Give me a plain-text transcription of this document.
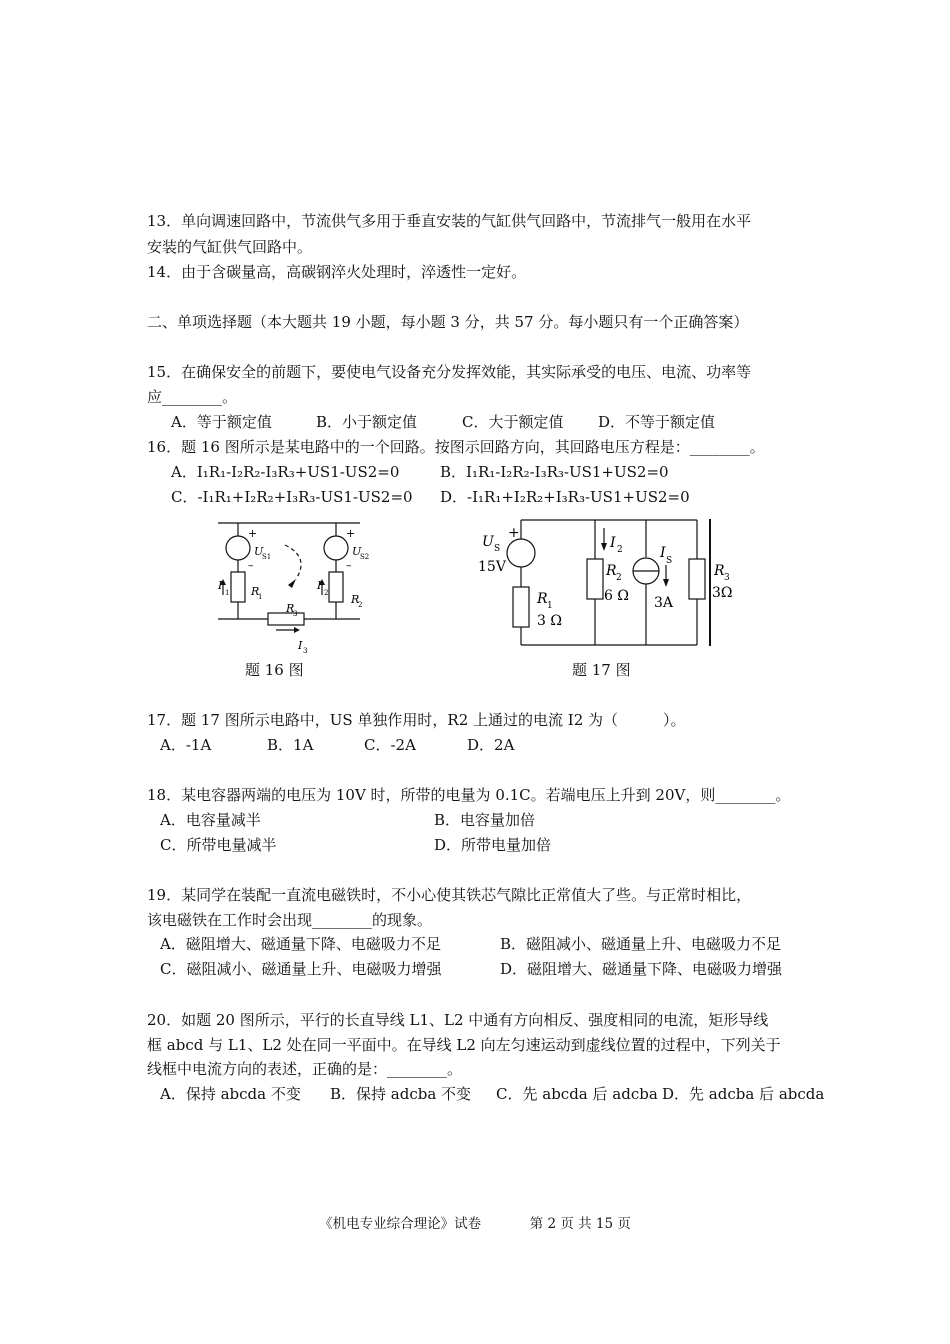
13．单向调速回路中，节流供气多用于垂直安装的气缸供气回路中，节流排气一般用在水平
安装的气缸供气回路中。
14．由于含碳量高，高碳钢淬火处理时，淬透性一定好。
二、单项选择题（本大题共 19 小题，每小题 3 分，共 57 分。每小题只有一个正确答案）
15．在确保安全的前题下，要使电气设备充分发挥效能，其实际承受的电压、电流、功率等
应________。
A．等于额定值	B．小于额定值	C．大于额定值 D．不等于额定值
16．题 16 图所示是某电路中的一个回路。按图示回路方向，其回路电压方程是：________。
A．I₁R₁-I₂R₂-I₃R₃+US1-US2=0	B．I₁R₁-I₂R₂-I₃R₃-US1+US2=0
C．-I₁R₁+I₂R₂+I₃R₃-US1-US2=0 D．-I₁R₁+I₂R₂+I₃R₃-US1+US2=0
+	+
–	–
U
S1	U
S2
R
1	R
2
R
3
I
1
I
2
I 3
题 16 图
+
U S
15V
R 1
3 Ω
I 2
R 2
6 Ω
I S
3A
R 3
3Ω
题 17 图
17．题 17 图所示电路中，US 单独作用时，R2 上通过的电流 I2 为（　　　）。
A．-1A	B．1A	C．-2A	D．2A
18．某电容器两端的电压为 10V 时，所带的电量为 0.1C。若端电压上升到 20V，则________。
A．电容量减半	B．电容量加倍
C．所带电量减半	D．所带电量加倍
19．某同学在装配一直流电磁铁时，不小心使其铁芯气隙比正常值大了些。与正常时相比，
该电磁铁在工作时会出现________的现象。
A．磁阻增大、磁通量下降、电磁吸力不足	B．磁阻减小、磁通量上升、电磁吸力不足
C．磁阻减小、磁通量上升、电磁吸力增强	D．磁阻增大、磁通量下降、电磁吸力增强
20．如题 20 图所示，平行的长直导线 L1、L2 中通有方向相反、强度相同的电流，矩形导线
框 abcd 与 L1、L2 处在同一平面中。在导线 L2 向左匀速运动到虚线位置的过程中，下列关于
线框中电流方向的表述，正确的是：________。
A．保持 abcda 不变 B．保持 adcba 不变 C．先 abcda 后 adcba D．先 adcba 后 abcda
《机电专业综合理论》试卷	第 2 页 共 15 页
